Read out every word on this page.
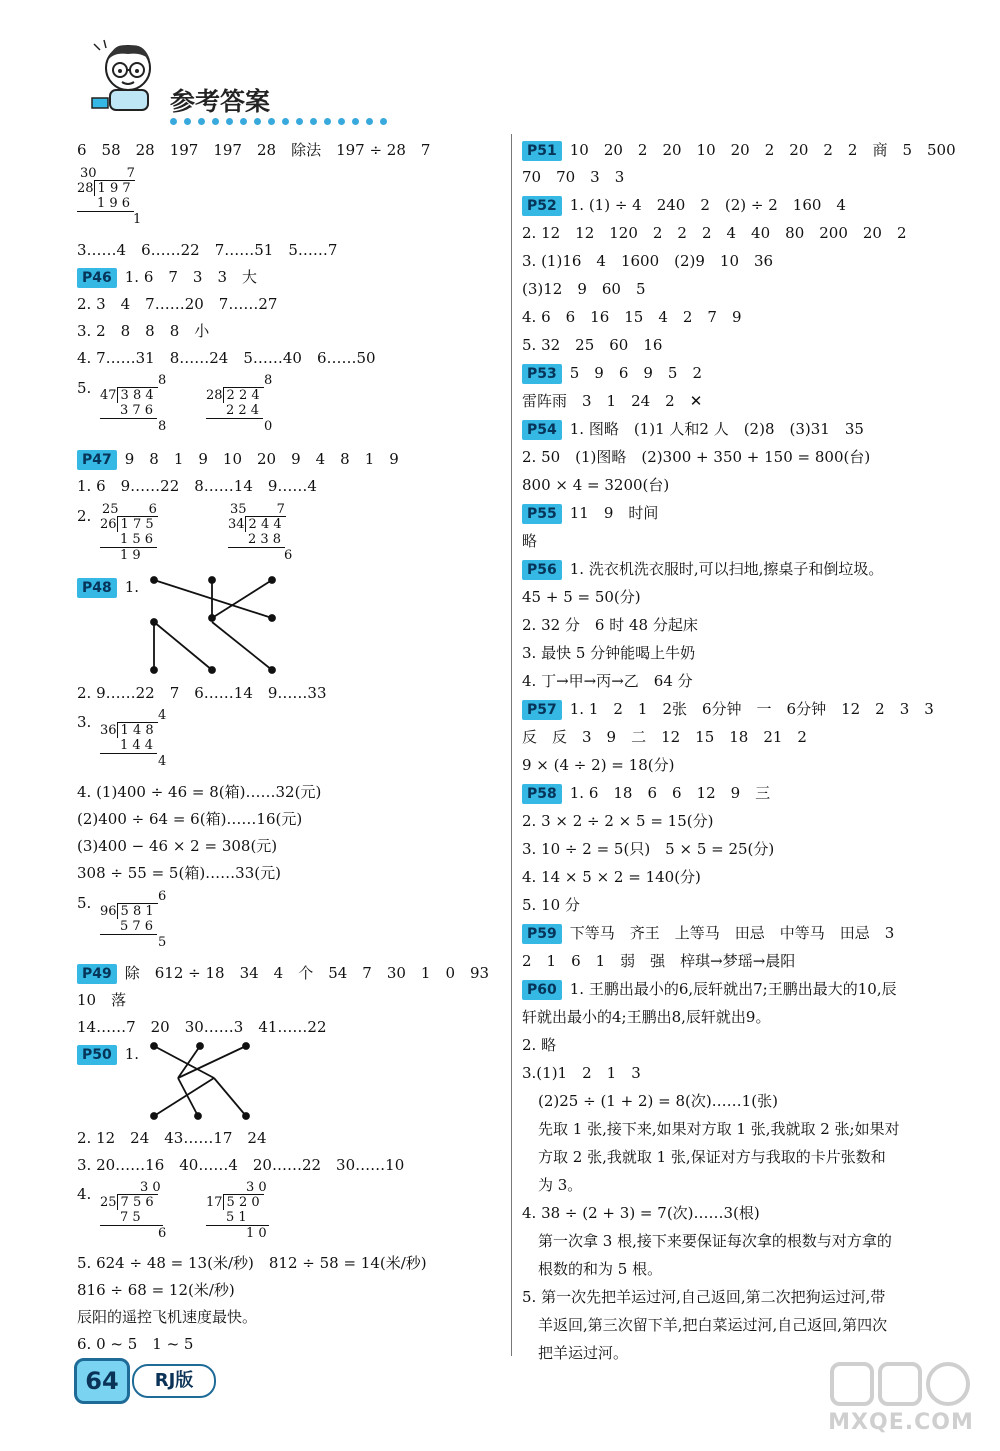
参考答案
6　58　28　197　197　28　除法　197 ÷ 28　7
30　　 7
28 1 9 7
1 9 6
1
3……4　6……22　7……51　5……7
P46 1. 6　7　3　3　大
2. 3　4　7……20　7……27
3. 2　8　8　8　小
4. 7……31　8……24　5……40　6……50
5.	8
47 3 8 4
3 7 6
8
8
28 2 2 4
2 2 4
0
P47 9　8　1　9　10　20　9　4　8　1　9
1. 6　9……22　8……14　9……4
2. 25　　 6
26 1 7 5
1 5 6
1 9
35　　 7
34 2 4 4
2 3 8
6
P48 1.
2. 9……22　7　6……14　9……33
3.	4
36 1 4 8
1 4 4
4
4. (1)400 ÷ 46 = 8(箱)……32(元)
(2)400 ÷ 64 = 6(箱)……16(元)
(3)400 − 46 × 2 = 308(元)
308 ÷ 55 = 5(箱)……33(元)
5.	6
96 5 8 1
5 7 6
5
P49 除　612 ÷ 18　34　4　个　54　7　30　1　0　93
10　落
14……7　20　30……3　41……22
P50 1.
2. 12　24　43……17　24
3. 20……16　40……4　20……22　30……10
4.	3 0
25 7 5 6
7 5
6
3 0
17 5 2 0
5 1
1 0
5. 624 ÷ 48 = 13(米/秒)　812 ÷ 58 = 14(米/秒)
816 ÷ 68 = 12(米/秒)
辰阳的遥控飞机速度最快。
6. 0 ~ 5　1 ~ 5
P51 10　20　2　20　10　20　2　20　2　2　商　5　500
70　70　3　3
P52 1. (1) ÷ 4　240　2　(2) ÷ 2　160　4
2. 12　12　120　2　2　2　4　40　80　200　20　2
3. (1)16　4　1600　(2)9　10　36
(3)12　9　60　5
4. 6　6　16　15　4　2　7　9
5. 32　25　60　16
P53 5　9　6　9　5　2
雷阵雨　3　1　24　2　✕
P54 1. 图略　(1)1 人和2 人　(2)8　(3)31　35
2. 50　(1)图略　(2)300 + 350 + 150 = 800(台)
800 × 4 = 3200(台)
P55 11　9　时间
略
P56 1. 洗衣机洗衣服时,可以扫地,擦桌子和倒垃圾。
45 + 5 = 50(分)
2. 32 分　6 时 48 分起床
3. 最快 5 分钟能喝上牛奶
4. 丁→甲→丙→乙　64 分
P57 1. 1　2　1　2张　6分钟　一　6分钟　12　2　3　3
反　反　3　9　二　12　15　18　21　2
9 × (4 ÷ 2) = 18(分)
P58 1. 6　18　6　6　12　9　三
2. 3 × 2 ÷ 2 × 5 = 15(分)
3. 10 ÷ 2 = 5(只)　5 × 5 = 25(分)
4. 14 × 5 × 2 = 140(分)
5. 10 分
P59 下等马　齐王　上等马　田忌　中等马　田忌　3
2　1　6　1　弱　强　梓琪→梦瑶→晨阳
P60 1. 王鹏出最小的6,辰轩就出7;王鹏出最大的10,辰
轩就出最小的4;王鹏出8,辰轩就出9。
2. 略
3.(1)1　2　1　3
(2)25 ÷ (1 + 2) = 8(次)……1(张)
先取 1 张,接下来,如果对方取 1 张,我就取 2 张;如果对
方取 2 张,我就取 1 张,保证对方与我取的卡片张数和
为 3。
4. 38 ÷ (2 + 3) = 7(次)……3(根)
第一次拿 3 根,接下来要保证每次拿的根数与对方拿的
根数的和为 5 根。
5. 第一次先把羊运过河,自己返回,第二次把狗运过河,带
羊返回,第三次留下羊,把白菜运过河,自己返回,第四次
把羊运过河。
64	RJ版
MXQE.COM
